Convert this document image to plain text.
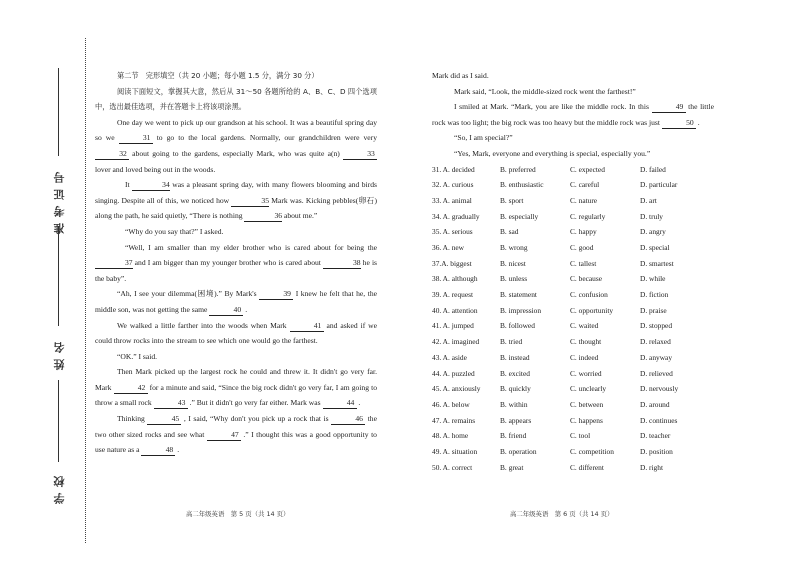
准考证号
姓名
学校

第二节　完形填空（共 20 小题；每小题 1.5 分，满分 30 分）

阅读下面短文，掌握其大意，然后从 31～50 各题所给的 A、B、C、D 四个选项中，选出最佳选项，并在答题卡上将该项涂黑。

One day we went to pick up our grandson at his school. It was a beautiful spring day so we	31 to go to the local gardens. Normally, our grandchildren were very 32 about going to the gardens, especially Mark, who was quite a(n)	33 lover and loved being out in the woods.

It	34 was a pleasant spring day, with many flowers blooming and birds singing. Despite all of this, we noticed how	35 Mark was. Kicking pebbles(卵石) along the path, he said quietly, “There is nothing	36 about me.”

“Why do you say that?” I asked.

“Well, I am smaller than my elder brother who is cared about for being the 37 and I am bigger than my younger brother who is cared about	38 he is the baby”.

“Ah, I see your dilemma(困境).” By Mark's	39 I knew he felt that he, the middle son, was not getting the same	40 .

We walked a little farther into the woods when Mark	41 and asked if we could throw rocks into the stream to see which one would go the farthest.

“OK.” I said.

Then Mark picked up the largest rock he could and threw it. It didn't go very far. Mark	42 for a minute and said, “Since the big rock didn't go very far, I am going to throw a small rock	43 .” But it didn't go very far either. Mark was	44 .

Thinking	45 , I said, “Why don't you pick up a rock that is	46 the two other sized rocks and see what	47 .” I thought this was a good opportunity to use nature as a	48 .

Mark did as I said.

Mark said, “Look, the middle-sized rock went the farthest!”

I smiled at Mark. “Mark, you are like the middle rock. In this	49 the little rock was too light; the big rock was too heavy but the middle rock was just	50 .

“So, I am special?”

“Yes, Mark, everyone and everything is special, especially you.”

31. A. decided	B. preferred	C. expected	D. failed
32. A. curious	B. enthusiastic	C. careful	D. particular
33. A. animal	B. sport	C. nature	D. art
34. A. gradually	B. especially	C. regularly	D. truly
35. A. serious	B. sad	C. happy	D. angry
36. A. new	B. wrong	C. good	D. special
37.A. biggest	B. nicest	C. tallest	D. smartest
38. A. although	B. unless	C. because	D. while
39. A. request	B. statement	C. confusion	D. fiction
40. A. attention	B. impression	C. opportunity	D. praise
41. A. jumped	B. followed	C. waited	D. stopped
42. A. imagined	B. tried	C. thought	D. relaxed
43. A. aside	B. instead	C. indeed	D. anyway
44. A. puzzled	B. excited	C. worried	D. relieved
45. A. anxiously	B. quickly	C. unclearly	D. nervously
46. A. below	B. within	C. between	D. around
47. A. remains	B. appears	C. happens	D. continues
48. A. home	B. friend	C. tool	D. teacher
49. A. situation	B. operation	C. competition	D. position
50. A. correct	B. great	C. different	D. right
高二年级英语　第 5 页（共 14 页）	高二年级英语　第 6 页（共 14 页）
